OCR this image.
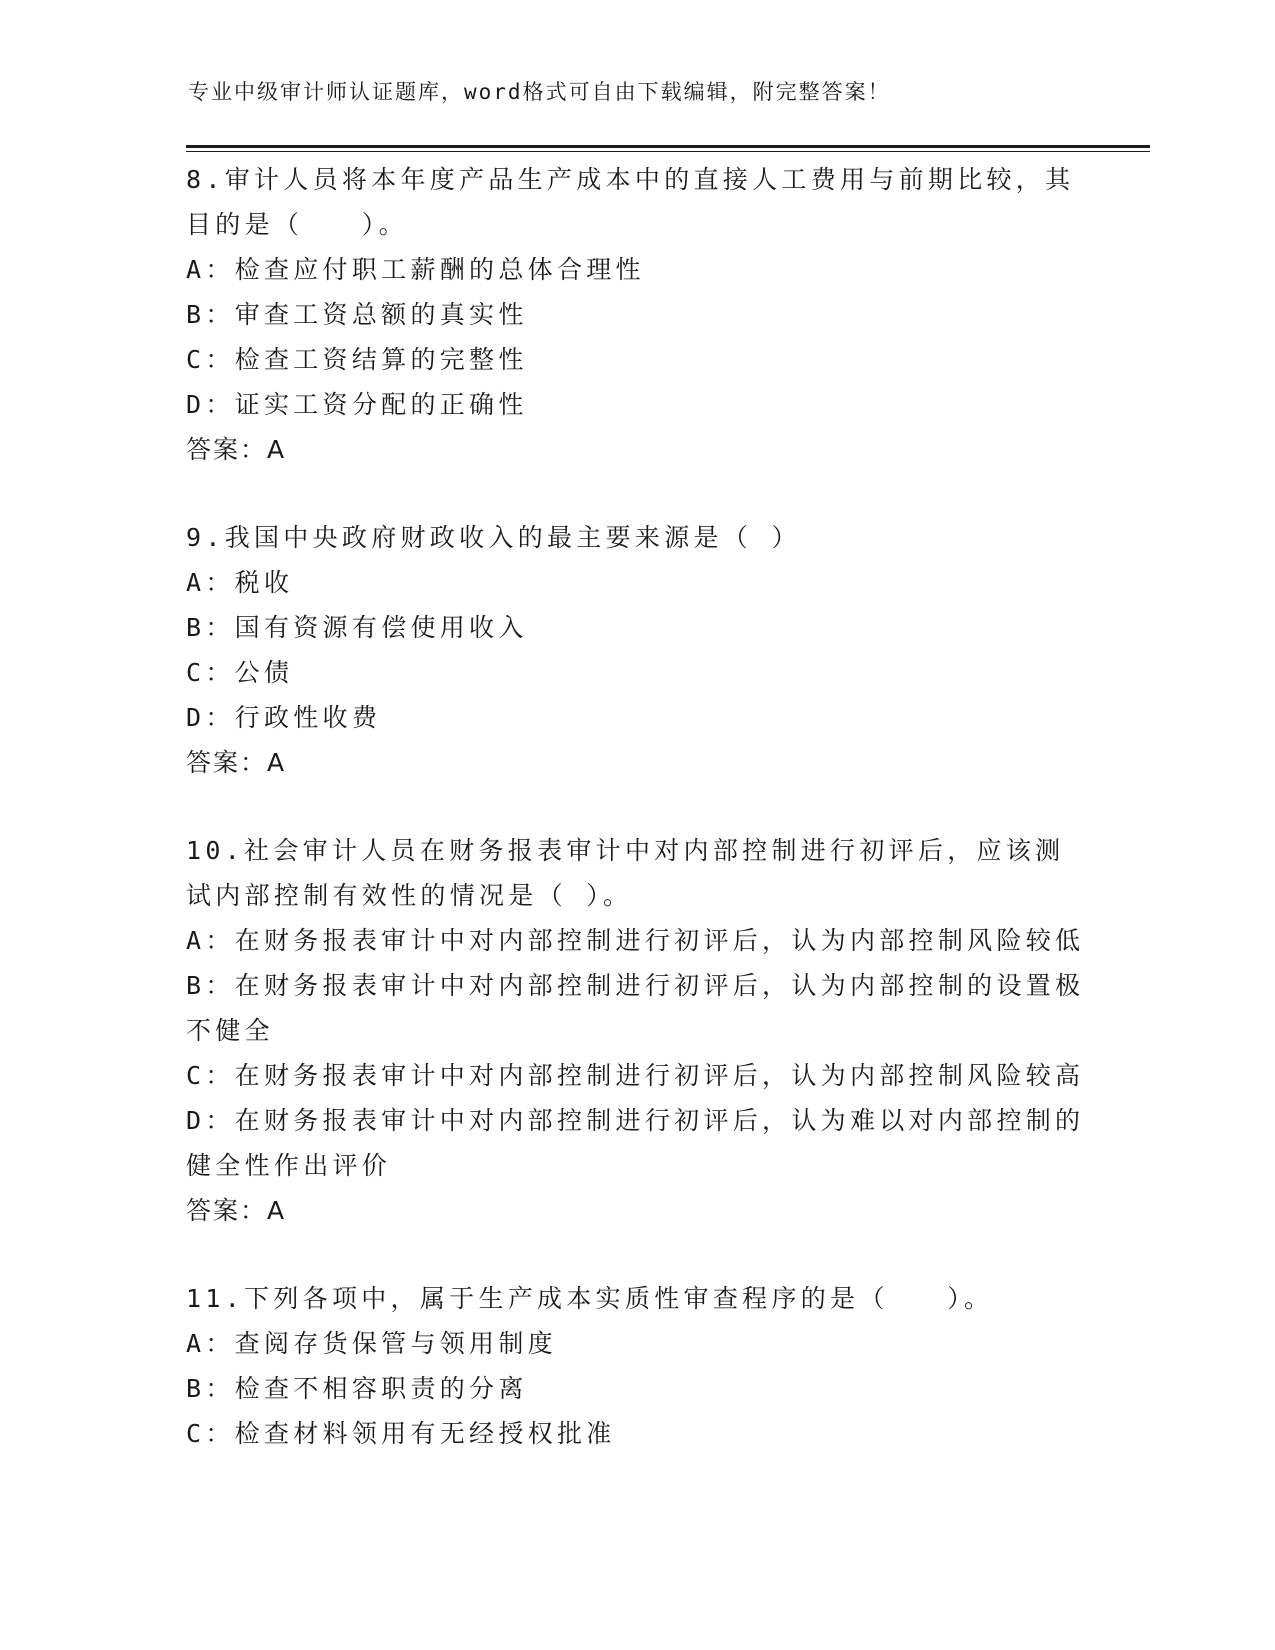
专业中级审计师认证题库，word格式可自由下载编辑，附完整答案！
8.审计人员将本年度产品生产成本中的直接人工费用与前期比较，其目的是（　　）。
A：检查应付职工薪酬的总体合理性
B：审查工资总额的真实性
C：检查工资结算的完整性
D：证实工资分配的正确性
答案：A
9.我国中央政府财政收入的最主要来源是（ ）
A：税收
B：国有资源有偿使用收入
C：公债
D：行政性收费
答案：A
10.社会审计人员在财务报表审计中对内部控制进行初评后，应该测试内部控制有效性的情况是（ ）。
A：在财务报表审计中对内部控制进行初评后，认为内部控制风险较低
B：在财务报表审计中对内部控制进行初评后，认为内部控制的设置极不健全
C：在财务报表审计中对内部控制进行初评后，认为内部控制风险较高
D：在财务报表审计中对内部控制进行初评后，认为难以对内部控制的健全性作出评价
答案：A
11.下列各项中，属于生产成本实质性审查程序的是（　　）。
A：查阅存货保管与领用制度
B：检查不相容职责的分离
C：检查材料领用有无经授权批准
